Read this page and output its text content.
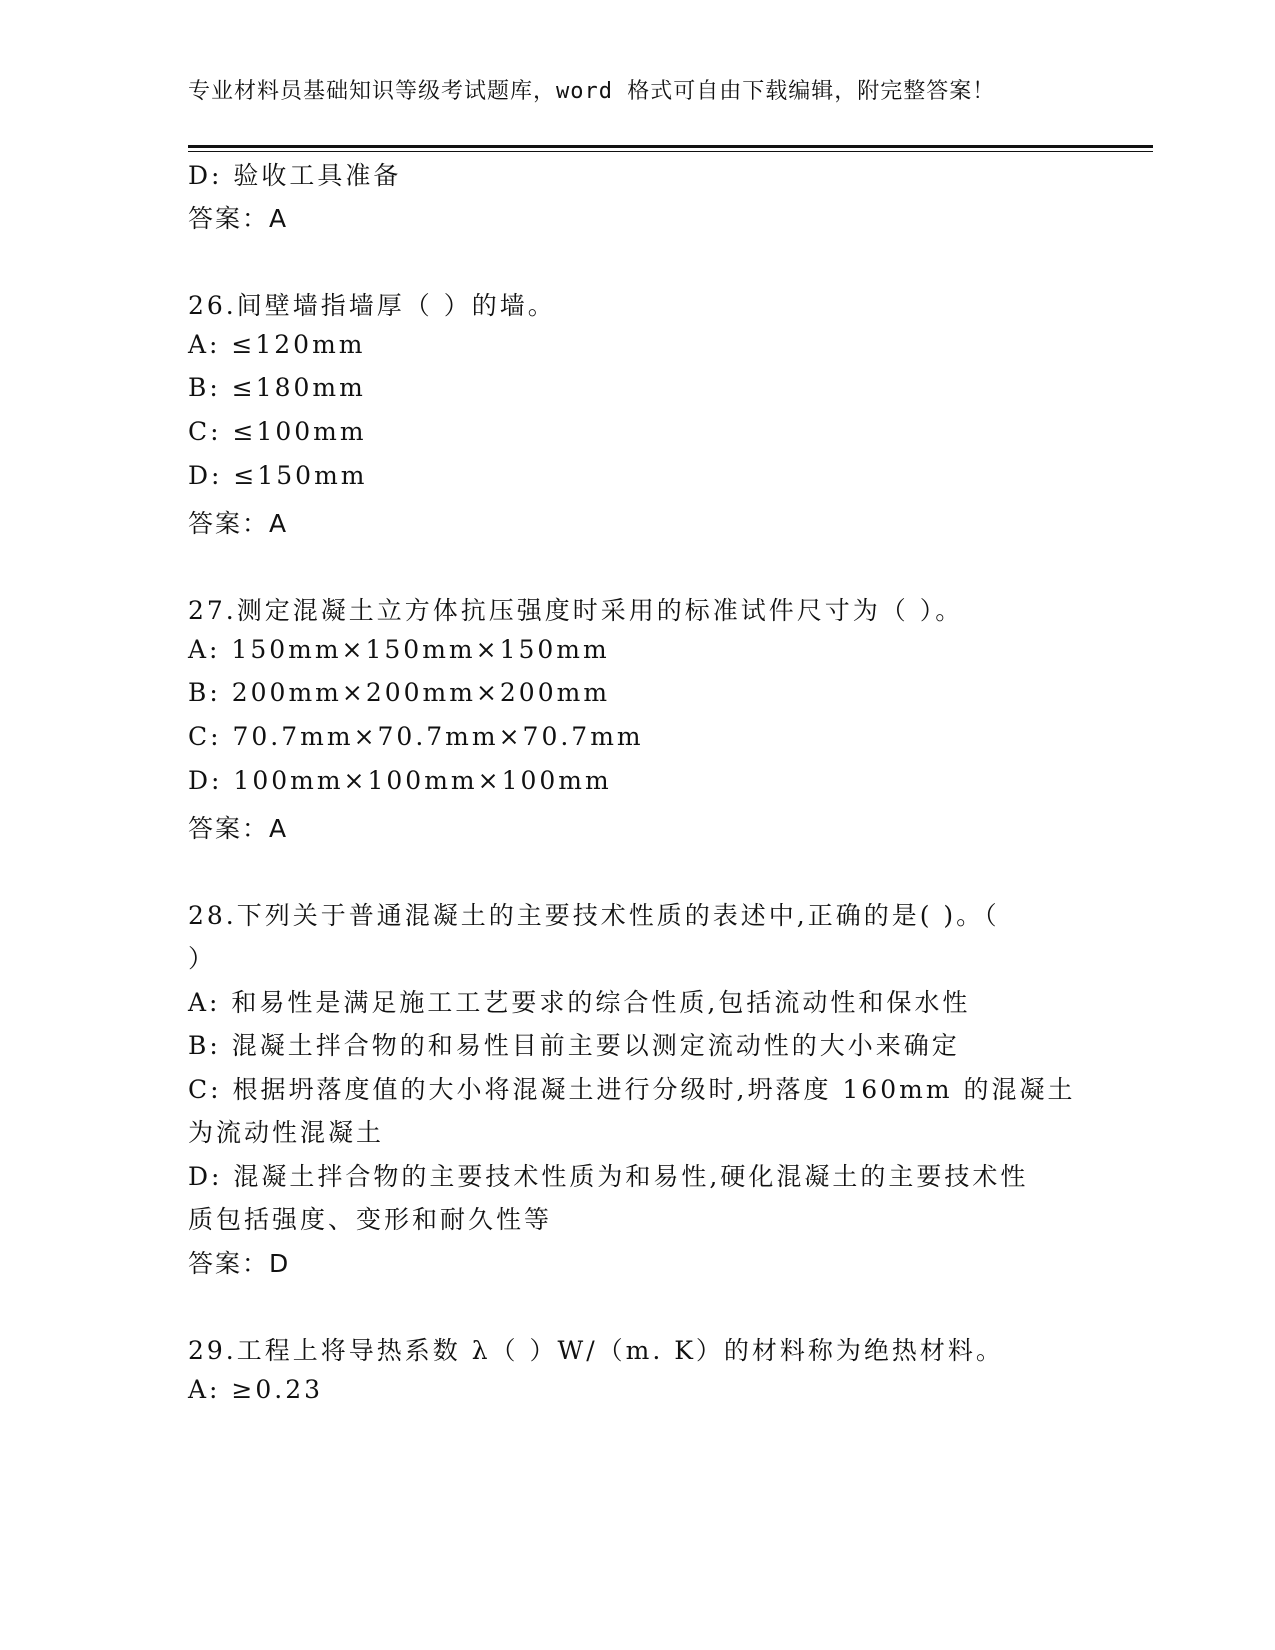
专业材料员基础知识等级考试题库，word 格式可自由下载编辑，附完整答案！
D: 验收工具准备
答案：A
26.间壁墙指墙厚（ ）的墙。
A: ≤120mm
B: ≤180mm
C: ≤100mm
D: ≤150mm
答案：A
27.测定混凝土立方体抗压强度时采用的标准试件尺寸为（ ）。
A: 150mm×150mm×150mm
B: 200mm×200mm×200mm
C: 70.7mm×70.7mm×70.7mm
D: 100mm×100mm×100mm
答案：A
28.下列关于普通混凝土的主要技术性质的表述中,正确的是( )。（
）
A: 和易性是满足施工工艺要求的综合性质,包括流动性和保水性
B: 混凝土拌合物的和易性目前主要以测定流动性的大小来确定
C: 根据坍落度值的大小将混凝土进行分级时,坍落度 160mm 的混凝土
为流动性混凝土
D: 混凝土拌合物的主要技术性质为和易性,硬化混凝土的主要技术性
质包括强度、变形和耐久性等
答案：D
29.工程上将导热系数 λ（ ）W/（m. K）的材料称为绝热材料。
A: ≥0.23
